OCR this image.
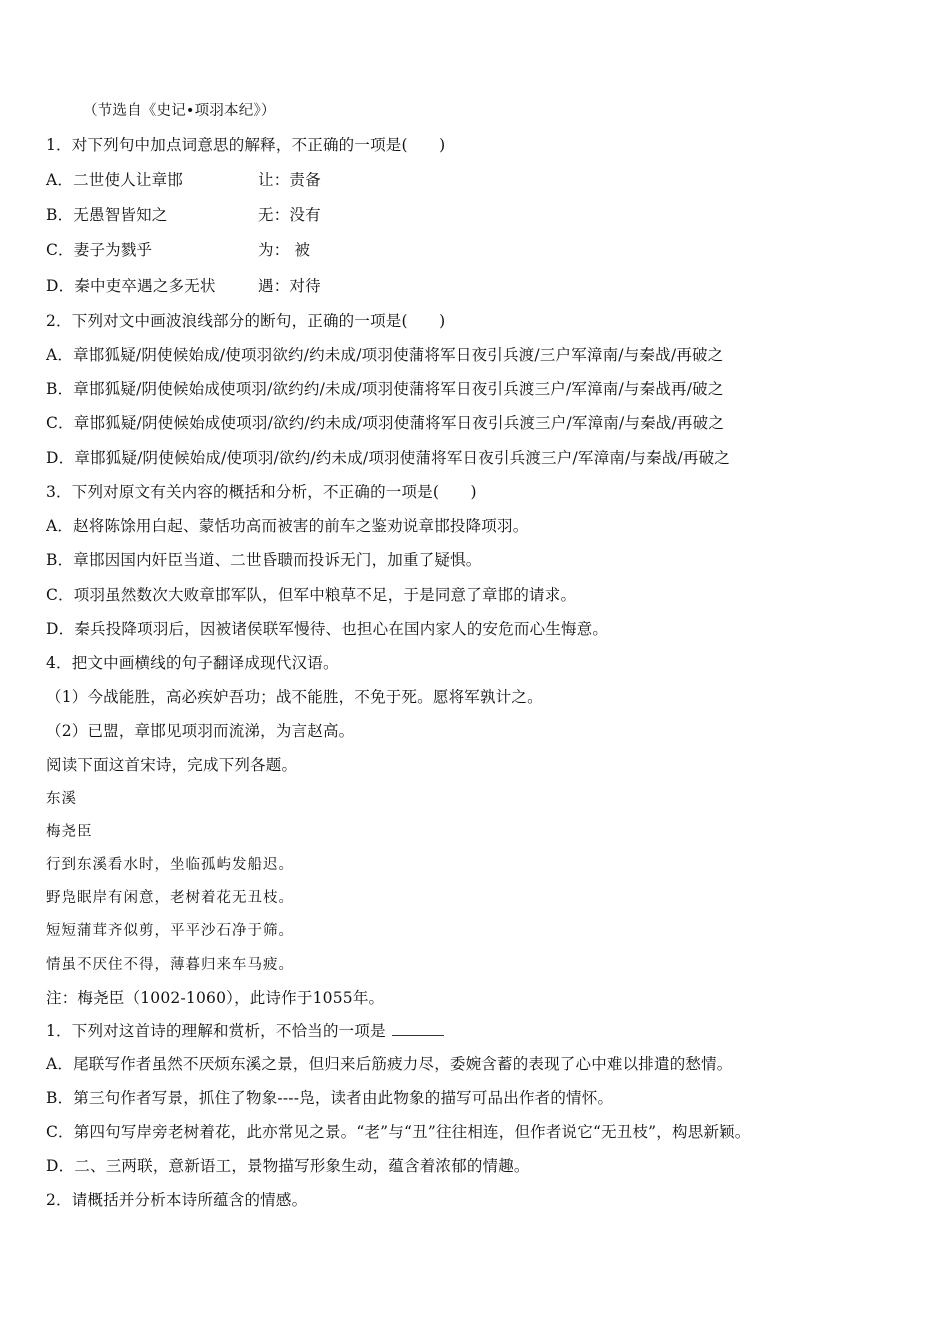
（节选自《史记•项羽本纪》）
1．对下列句中加点词意思的解释，不正确的一项是(　　)
A．二世使人让章邯	让：责备
B．无愚智皆知之	无：没有
C．妻子为戮乎	为： 被
D．秦中吏卒遇之多无状	遇：对待
2．下列对文中画波浪线部分的断句，正确的一项是(　　)
A．章邯狐疑/阴使候始成/使项羽欲约/约未成/项羽使蒲将军日夜引兵渡/三户军漳南/与秦战/再破之
B．章邯狐疑/阴使候始成使项羽/欲约约/未成/项羽使蒲将军日夜引兵渡三户/军漳南/与秦战再/破之
C．章邯狐疑/阴使候始成使项羽/欲约/约未成/项羽使蒲将军日夜引兵渡三户/军漳南/与秦战/再破之
D．章邯狐疑/阴使候始成/使项羽/欲约/约未成/项羽使蒲将军日夜引兵渡三户/军漳南/与秦战/再破之
3．下列对原文有关内容的概括和分析，不正确的一项是(　　)
A．赵将陈馀用白起、蒙恬功高而被害的前车之鉴劝说章邯投降项羽。
B．章邯因国内奸臣当道、二世昏聩而投诉无门，加重了疑惧。
C．项羽虽然数次大败章邯军队，但军中粮草不足，于是同意了章邯的请求。
D．秦兵投降项羽后，因被诸侯联军慢待、也担心在国内家人的安危而心生悔意。
4．把文中画横线的句子翻译成现代汉语。
（1）今战能胜，高必疾妒吾功；战不能胜，不免于死。愿将军孰计之。
（2）已盟，章邯见项羽而流涕，为言赵高。
阅读下面这首宋诗，完成下列各题。
东溪
梅尧臣
行到东溪看水时，坐临孤屿发船迟。
野凫眠岸有闲意，老树着花无丑枝。
短短蒲茸齐似剪，平平沙石净于筛。
情虽不厌住不得，薄暮归来车马疲。
注：梅尧臣（1002-1060），此诗作于1055年。
1．下列对这首诗的理解和赏析，不恰当的一项是
A．尾联写作者虽然不厌烦东溪之景，但归来后筋疲力尽，委婉含蓄的表现了心中难以排遣的愁情。
B．第三句作者写景，抓住了物象----凫，读者由此物象的描写可品出作者的情怀。
C．第四句写岸旁老树着花，此亦常见之景。“老”与“丑”往往相连，但作者说它“无丑枝”，构思新颖。
D．二、三两联，意新语工，景物描写形象生动，蕴含着浓郁的情趣。
2．请概括并分析本诗所蕴含的情感。
